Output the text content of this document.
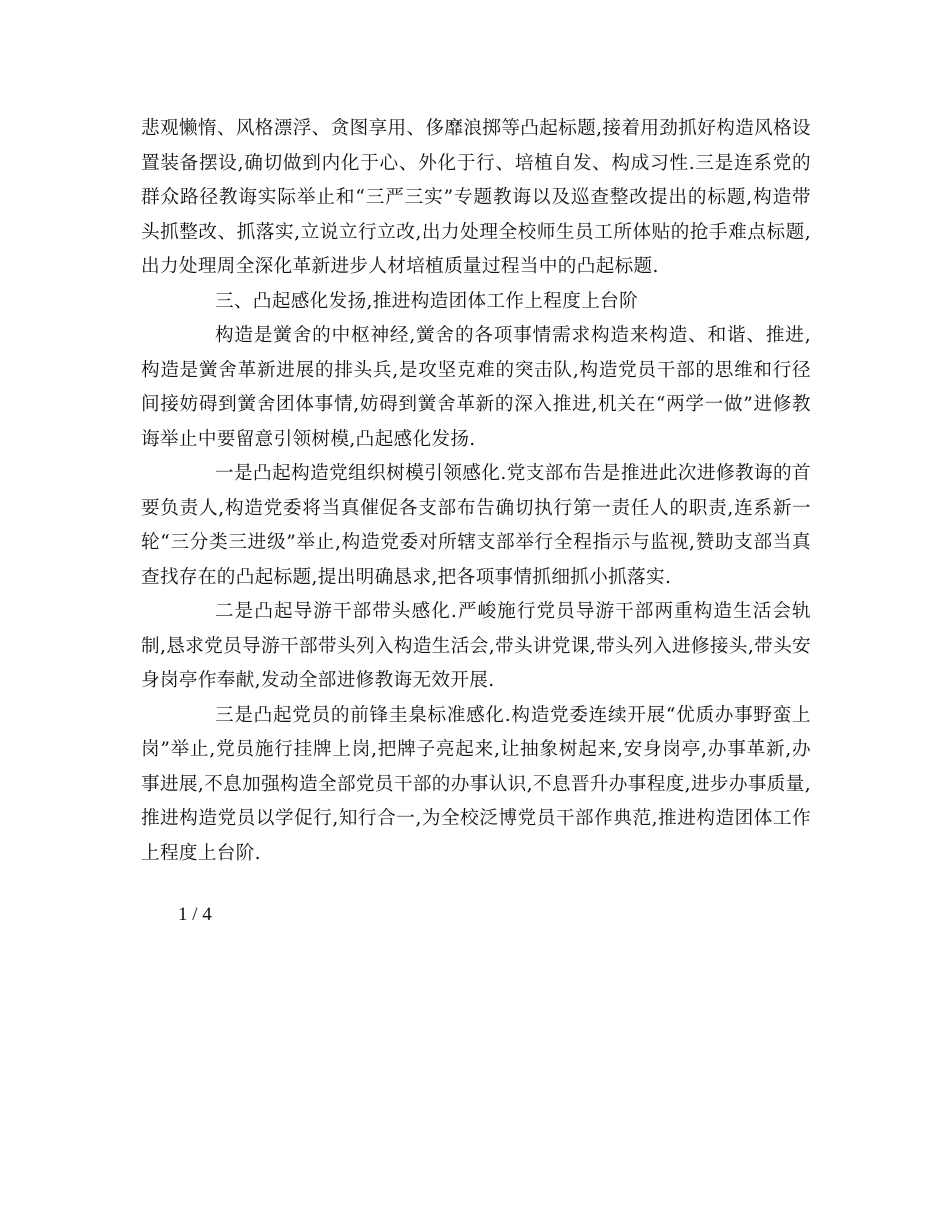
悲观懒惰、风格漂浮、贪图享用、侈靡浪掷等凸起标题,接着用劲抓好构造风格设置装备摆设,确切做到内化于心、外化于行、培植自发、构成习性.三是连系党的群众路径教诲实际举止和“三严三实”专题教诲以及巡查整改提出的标题,构造带头抓整改、抓落实,立说立行立改,出力处理全校师生员工所体贴的抢手难点标题,出力处理周全深化革新进步人材培植质量过程当中的凸起标题.

三、凸起感化发扬,推进构造团体工作上程度上台阶

构造是黉舍的中枢神经,黉舍的各项事情需求构造来构造、和谐、推进,构造是黉舍革新进展的排头兵,是攻坚克难的突击队,构造党员干部的思维和行径间接妨碍到黉舍团体事情,妨碍到黉舍革新的深入推进,机关在“两学一做”进修教诲举止中要留意引领树模,凸起感化发扬.

一是凸起构造党组织树模引领感化.党支部布告是推进此次进修教诲的首要负责人,构造党委将当真催促各支部布告确切执行第一责任人的职责,连系新一轮“三分类三进级”举止,构造党委对所辖支部举行全程指示与监视,赞助支部当真查找存在的凸起标题,提出明确恳求,把各项事情抓细抓小抓落实.

二是凸起导游干部带头感化.严峻施行党员导游干部两重构造生活会轨制,恳求党员导游干部带头列入构造生活会,带头讲党课,带头列入进修接头,带头安身岗亭作奉献,发动全部进修教诲无效开展.

三是凸起党员的前锋圭臬标准感化.构造党委连续开展“优质办事野蛮上岗”举止,党员施行挂牌上岗,把牌子亮起来,让抽象树起来,安身岗亭,办事革新,办事进展,不息加强构造全部党员干部的办事认识,不息晋升办事程度,进步办事质量,推进构造党员以学促行,知行合一,为全校泛博党员干部作典范,推进构造团体工作上程度上台阶.

1 / 4
